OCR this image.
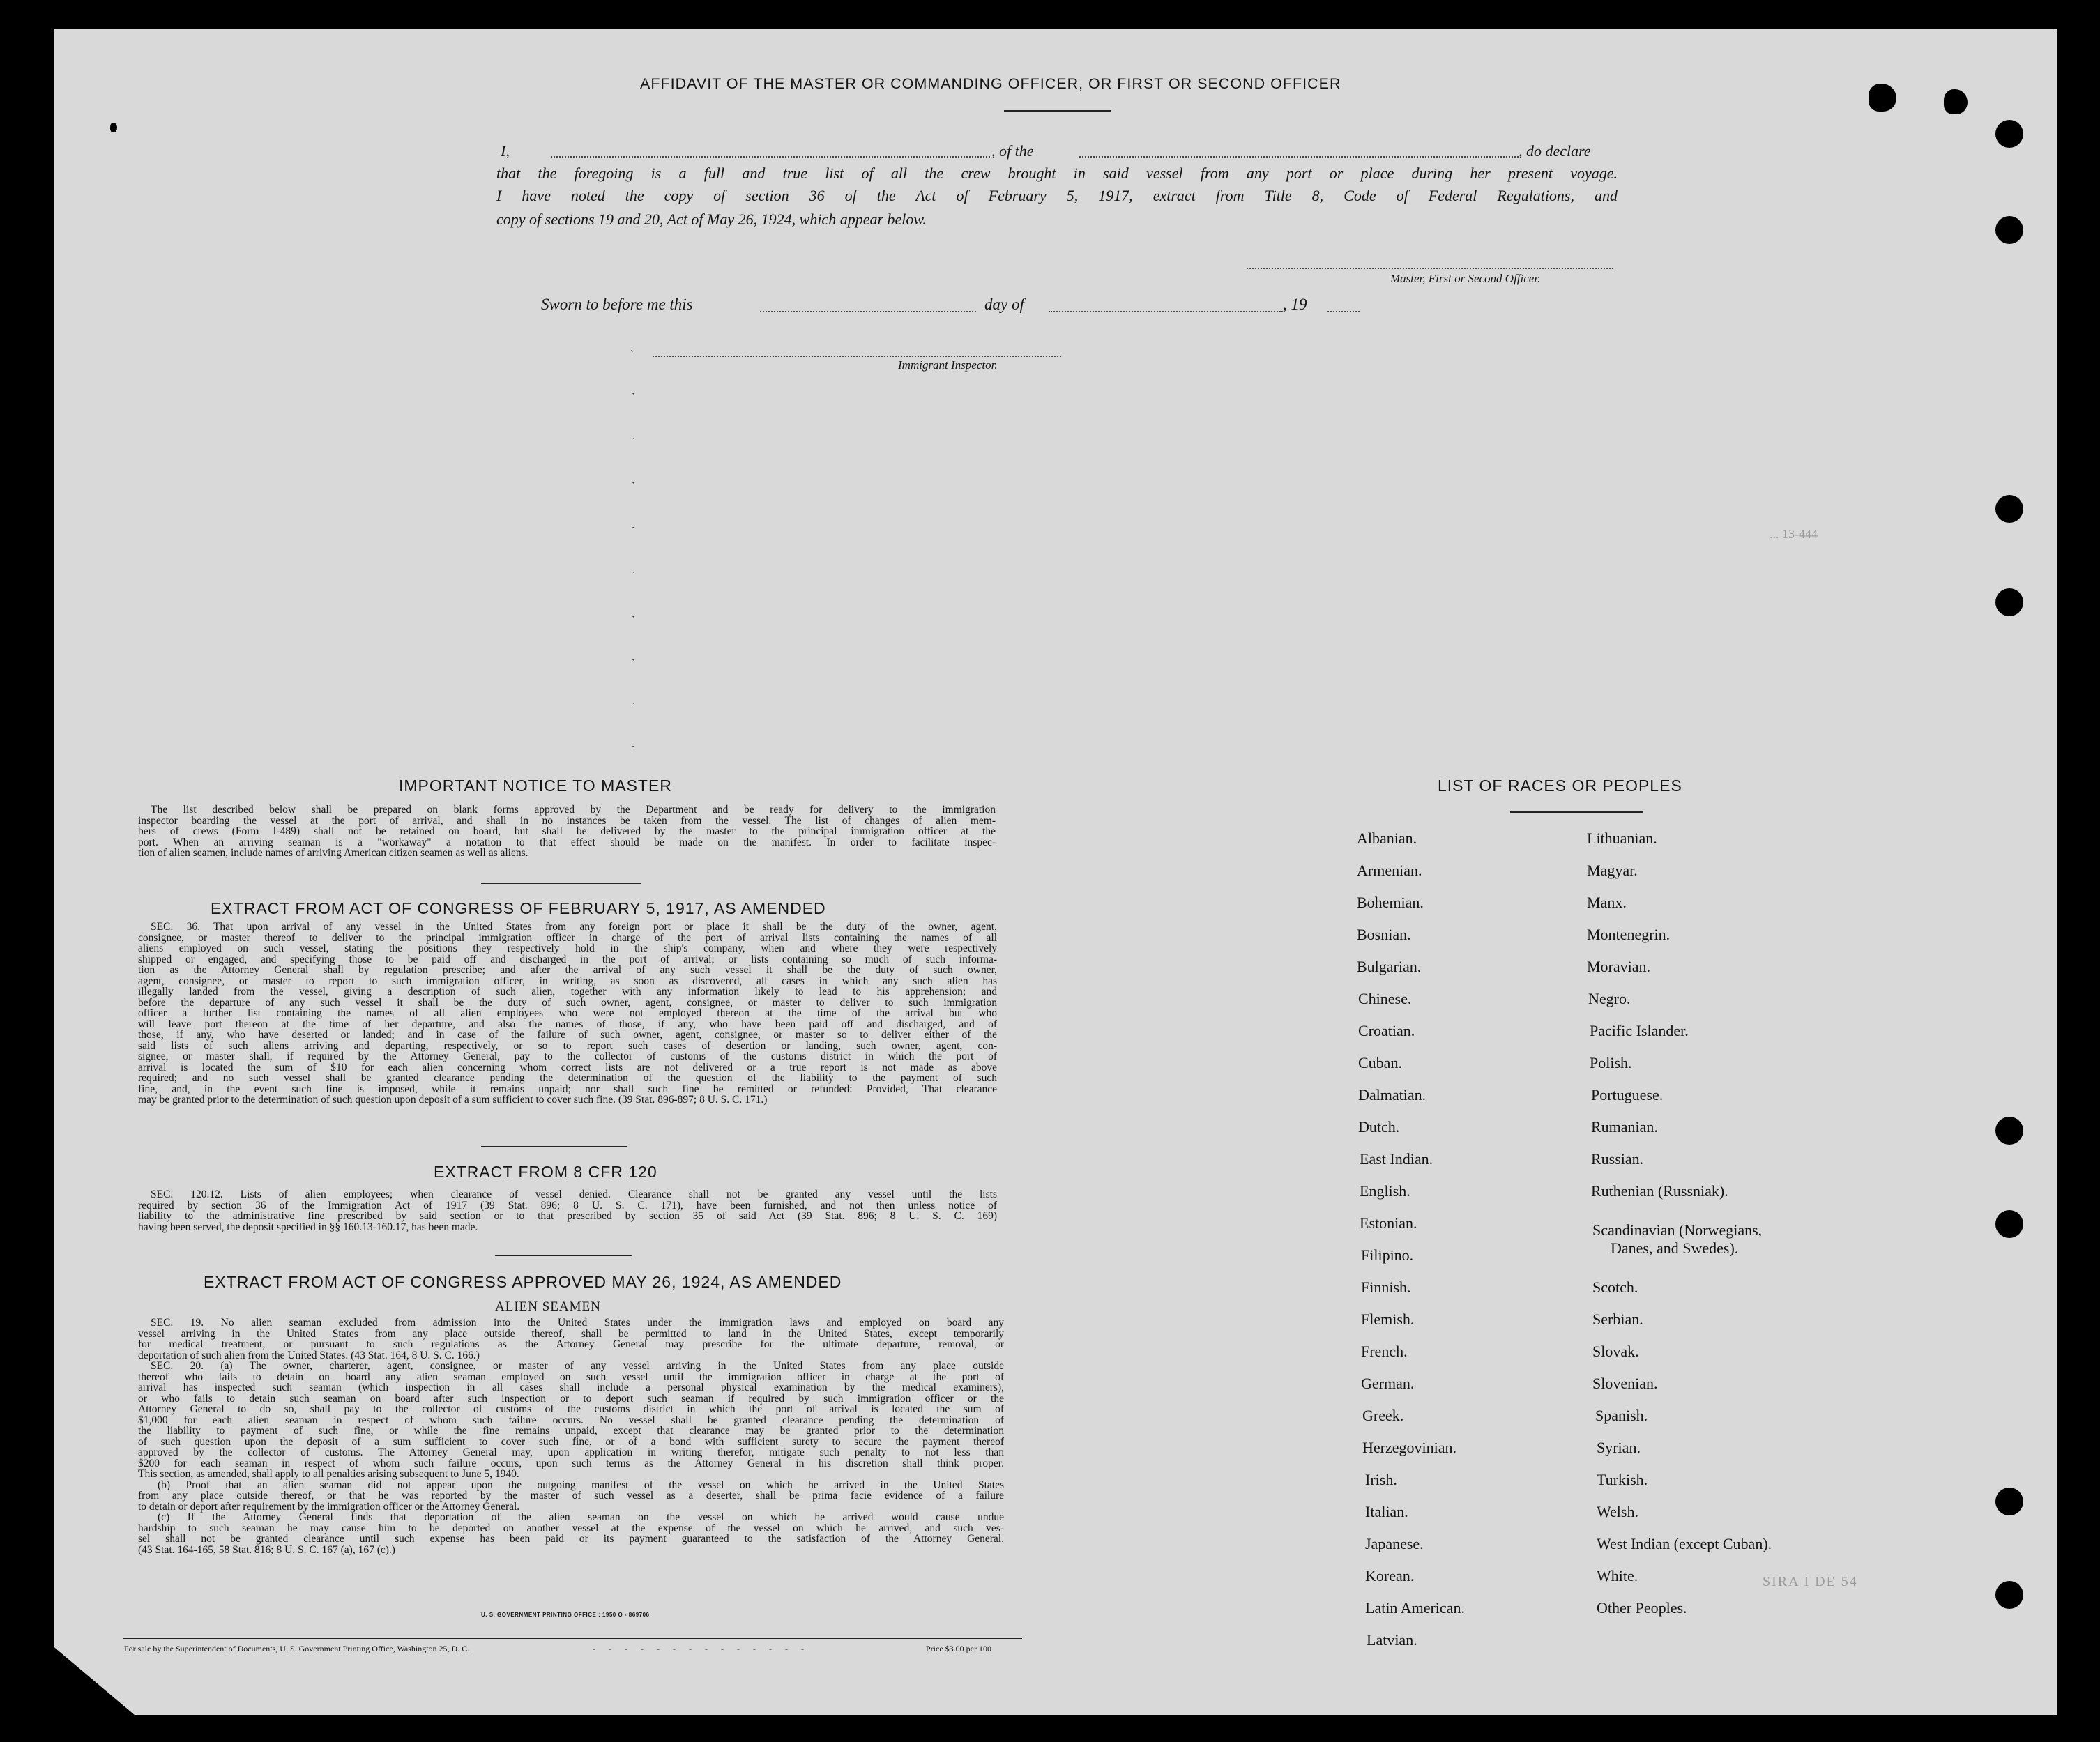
AFFIDAVIT OF THE MASTER OR COMMANDING OFFICER, OR FIRST OR SECOND OFFICER
I,	, of the	, do declare
that the foregoing is a full and true list of all the crew brought in said vessel from any port or place during her present voyage.
I have noted the copy of section 36 of the Act of February 5, 1917, extract from Title 8, Code of Federal Regulations, and
copy of sections 19 and 20, Act of May 26, 1924, which appear below.
Master, First or Second Officer.
Sworn to before me this	day of	, 19
Immigrant Inspector.
ˋ
ˋ
ˋ
ˋ
ˋ
ˋ
ˋ
ˋ
ˋ
ˋ
... 13-444
IMPORTANT NOTICE TO MASTER
The list described below shall be prepared on blank forms approved by the Department and be ready for delivery to the immigration
inspector boarding the vessel at the port of arrival, and shall in no instances be taken from the vessel. The list of changes of alien mem-
bers of crews (Form I-489) shall not be retained on board, but shall be delivered by the master to the principal immigration officer at the
port. When an arriving seaman is a "workaway" a notation to that effect should be made on the manifest. In order to facilitate inspec-
tion of alien seamen, include names of arriving American citizen seamen as well as aliens.
EXTRACT FROM ACT OF CONGRESS OF FEBRUARY 5, 1917, AS AMENDED
SEC. 36. That upon arrival of any vessel in the United States from any foreign port or place it shall be the duty of the owner, agent,
consignee, or master thereof to deliver to the principal immigration officer in charge of the port of arrival lists containing the names of all
aliens employed on such vessel, stating the positions they respectively hold in the ship's company, when and where they were respectively
shipped or engaged, and specifying those to be paid off and discharged in the port of arrival; or lists containing so much of such informa-
tion as the Attorney General shall by regulation prescribe; and after the arrival of any such vessel it shall be the duty of such owner,
agent, consignee, or master to report to such immigration officer, in writing, as soon as discovered, all cases in which any such alien has
illegally landed from the vessel, giving a description of such alien, together with any information likely to lead to his apprehension; and
before the departure of any such vessel it shall be the duty of such owner, agent, consignee, or master to deliver to such immigration
officer a further list containing the names of all alien employees who were not employed thereon at the time of the arrival but who
will leave port thereon at the time of her departure, and also the names of those, if any, who have been paid off and discharged, and of
those, if any, who have deserted or landed; and in case of the failure of such owner, agent, consignee, or master so to deliver either of the
said lists of such aliens arriving and departing, respectively, or so to report such cases of desertion or landing, such owner, agent, con-
signee, or master shall, if required by the Attorney General, pay to the collector of customs of the customs district in which the port of
arrival is located the sum of $10 for each alien concerning whom correct lists are not delivered or a true report is not made as above
required; and no such vessel shall be granted clearance pending the determination of the question of the liability to the payment of such
fine, and, in the event such fine is imposed, while it remains unpaid; nor shall such fine be remitted or refunded: Provided, That clearance
may be granted prior to the determination of such question upon deposit of a sum sufficient to cover such fine. (39 Stat. 896-897; 8 U. S. C. 171.)
EXTRACT FROM 8 CFR 120
SEC. 120.12. Lists of alien employees; when clearance of vessel denied. Clearance shall not be granted any vessel until the lists
required by section 36 of the Immigration Act of 1917 (39 Stat. 896; 8 U. S. C. 171), have been furnished, and not then unless notice of
liability to the administrative fine prescribed by said section or to that prescribed by section 35 of said Act (39 Stat. 896; 8 U. S. C. 169)
having been served, the deposit specified in §§ 160.13-160.17, has been made.
EXTRACT FROM ACT OF CONGRESS APPROVED MAY 26, 1924, AS AMENDED
ALIEN SEAMEN
SEC. 19. No alien seaman excluded from admission into the United States under the immigration laws and employed on board any
vessel arriving in the United States from any place outside thereof, shall be permitted to land in the United States, except temporarily
for medical treatment, or pursuant to such regulations as the Attorney General may prescribe for the ultimate departure, removal, or
deportation of such alien from the United States. (43 Stat. 164, 8 U. S. C. 166.)
SEC. 20. (a) The owner, charterer, agent, consignee, or master of any vessel arriving in the United States from any place outside
thereof who fails to detain on board any alien seaman employed on such vessel until the immigration officer in charge at the port of
arrival has inspected such seaman (which inspection in all cases shall include a personal physical examination by the medical examiners),
or who fails to detain such seaman on board after such inspection or to deport such seaman if required by such immigration officer or the
Attorney General to do so, shall pay to the collector of customs of the customs district in which the port of arrival is located the sum of
$1,000 for each alien seaman in respect of whom such failure occurs. No vessel shall be granted clearance pending the determination of
the liability to payment of such fine, or while the fine remains unpaid, except that clearance may be granted prior to the determination
of such question upon the deposit of a sum sufficient to cover such fine, or of a bond with sufficient surety to secure the payment thereof
approved by the collector of customs. The Attorney General may, upon application in writing therefor, mitigate such penalty to not less than
$200 for each seaman in respect of whom such failure occurs, upon such terms as the Attorney General in his discretion shall think proper.
This section, as amended, shall apply to all penalties arising subsequent to June 5, 1940.
(b) Proof that an alien seaman did not appear upon the outgoing manifest of the vessel on which he arrived in the United States
from any place outside thereof, or that he was reported by the master of such vessel as a deserter, shall be prima facie evidence of a failure
to detain or deport after requirement by the immigration officer or the Attorney General.
(c) If the Attorney General finds that deportation of the alien seaman on the vessel on which he arrived would cause undue
hardship to such seaman he may cause him to be deported on another vessel at the expense of the vessel on which he arrived, and such ves-
sel shall not be granted clearance until such expense has been paid or its payment guaranteed to the satisfaction of the Attorney General.
(43 Stat. 164-165, 58 Stat. 816; 8 U. S. C. 167 (a), 167 (c).)
U. S. GOVERNMENT PRINTING OFFICE : 1950 O - 869706
For sale by the Superintendent of Documents, U. S. Government Printing Office, Washington 25, D. C.	- - - - - - - - - - - - - -	Price $3.00 per 100
LIST OF RACES OR PEOPLES
Albanian.
Armenian.
Bohemian.
Bosnian.
Bulgarian.
Chinese.
Croatian.
Cuban.
Dalmatian.
Dutch.
East Indian.
English.
Estonian.
Filipino.
Finnish.
Flemish.
French.
German.
Greek.
Herzegovinian.
Irish.
Italian.
Japanese.
Korean.
Latin American.
Latvian.
Lithuanian.
Magyar.
Manx.
Montenegrin.
Moravian.
Negro.
Pacific Islander.
Polish.
Portuguese.
Rumanian.
Russian.
Ruthenian (Russniak).
Scandinavian (Norwegians,
Danes, and Swedes).
Scotch.
Serbian.
Slovak.
Slovenian.
Spanish.
Syrian.
Turkish.
Welsh.
West Indian (except Cuban).
White.
Other Peoples.
SIRA I DE 54
